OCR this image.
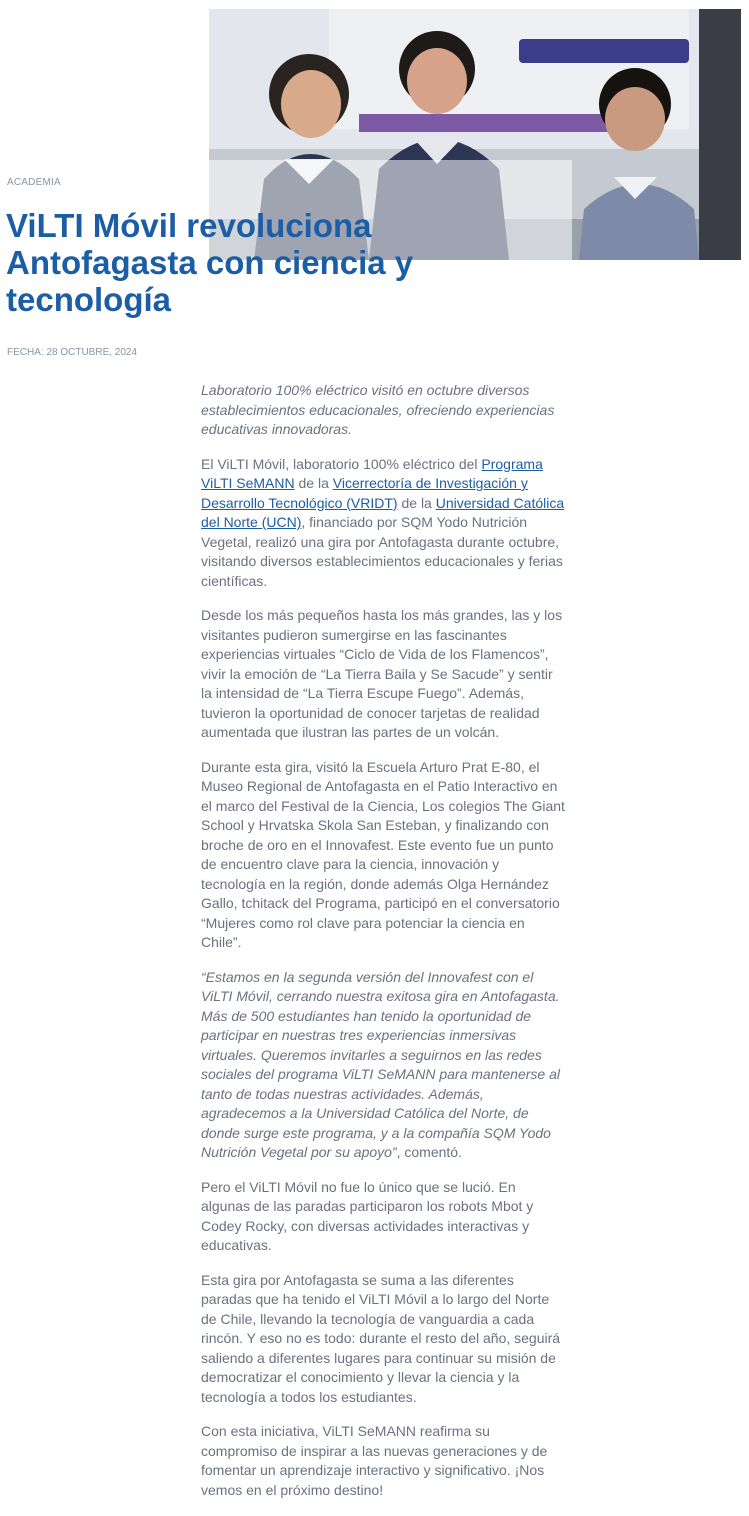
ACADEMIA
ViLTI Móvil revoluciona Antofagasta con ciencia y tecnología
FECHA: 28 OCTUBRE, 2024

Laboratorio 100% eléctrico visitó en octubre diversos establecimientos educacionales, ofreciendo experiencias educativas innovadoras.

El ViLTI Móvil, laboratorio 100% eléctrico del Programa ViLTI SeMANN de la Vicerrectoría de Investigación y Desarrollo Tecnológico (VRIDT) de la Universidad Católica del Norte (UCN), financiado por SQM Yodo Nutrición Vegetal, realizó una gira por Antofagasta durante octubre, visitando diversos establecimientos educacionales y ferias científicas.

Desde los más pequeños hasta los más grandes, las y los visitantes pudieron sumergirse en las fascinantes experiencias virtuales “Ciclo de Vida de los Flamencos”, vivir la emoción de “La Tierra Baila y Se Sacude” y sentir la intensidad de “La Tierra Escupe Fuego”. Además, tuvieron la oportunidad de conocer tarjetas de realidad aumentada que ilustran las partes de un volcán.

Durante esta gira, visitó la Escuela Arturo Prat E-80, el Museo Regional de Antofagasta en el Patio Interactivo en el marco del Festival de la Ciencia, Los colegios The Giant School y Hrvatska Skola San Esteban, y finalizando con broche de oro en el Innovafest. Este evento fue un punto de encuentro clave para la ciencia, innovación y tecnología en la región, donde además Olga Hernández Gallo, tchitack del Programa, participó en el conversatorio “Mujeres como rol clave para potenciar la ciencia en Chile”.

“Estamos en la segunda versión del Innovafest con el ViLTI Móvil, cerrando nuestra exitosa gira en Antofagasta. Más de 500 estudiantes han tenido la oportunidad de participar en nuestras tres experiencias inmersivas virtuales. Queremos invitarles a seguirnos en las redes sociales del programa ViLTI SeMANN para mantenerse al tanto de todas nuestras actividades. Además, agradecemos a la Universidad Católica del Norte, de donde surge este programa, y a la compañía SQM Yodo Nutrición Vegetal por su apoyo”, comentó.

Pero el ViLTI Móvil no fue lo único que se lució. En algunas de las paradas participaron los robots Mbot y Codey Rocky, con diversas actividades interactivas y educativas.

Esta gira por Antofagasta se suma a las diferentes paradas que ha tenido el ViLTI Móvil a lo largo del Norte de Chile, llevando la tecnología de vanguardia a cada rincón. Y eso no es todo: durante el resto del año, seguirá saliendo a diferentes lugares para continuar su misión de democratizar el conocimiento y llevar la ciencia y la tecnología a todos los estudiantes.

Con esta iniciativa, ViLTI SeMANN reafirma su compromiso de inspirar a las nuevas generaciones y de fomentar un aprendizaje interactivo y significativo. ¡Nos vemos en el próximo destino!
